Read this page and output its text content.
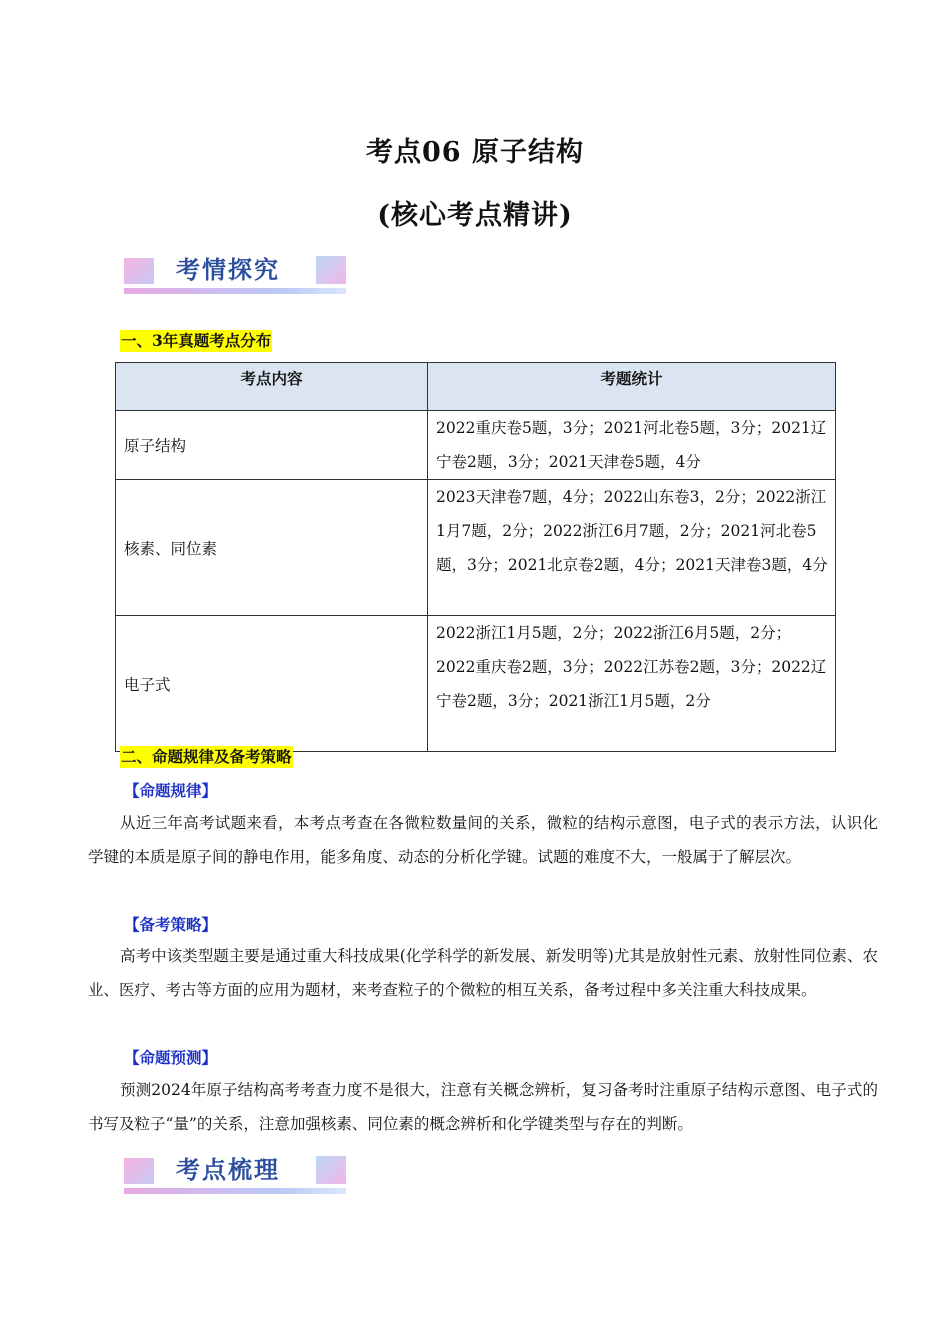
考点06 原子结构
(核心考点精讲)
考情探究
一、3年真题考点分布
考点内容	考题统计
原子结构	2022重庆卷5题，3分；2021河北卷5题，3分；2021辽宁卷2题，3分；2021天津卷5题，4分
核素、同位素	2023天津卷7题，4分；2022山东卷3，2分；2022浙江1月7题，2分；2022浙江6月7题，2分；2021河北卷5题，3分；2021北京卷2题，4分；2021天津卷3题，4分
电子式	2022浙江1月5题，2分；2022浙江6月5题，2分；2022重庆卷2题，3分；2022江苏卷2题，3分；2022辽宁卷2题，3分；2021浙江1月5题，2分
二、命题规律及备考策略
【命题规律】
从近三年高考试题来看，本考点考查在各微粒数量间的关系，微粒的结构示意图，电子式的表示方法，认识化学键的本质是原子间的静电作用，能多角度、动态的分析化学键。试题的难度不大，一般属于了解层次。
【备考策略】
高考中该类型题主要是通过重大科技成果(化学科学的新发展、新发明等)尤其是放射性元素、放射性同位素、农业、医疗、考古等方面的应用为题材，来考查粒子的个微粒的相互关系，备考过程中多关注重大科技成果。
【命题预测】
预测2024年原子结构高考考查力度不是很大，注意有关概念辨析，复习备考时注重原子结构示意图、电子式的书写及粒子“量”的关系，注意加强核素、同位素的概念辨析和化学键类型与存在的判断。
考点梳理
